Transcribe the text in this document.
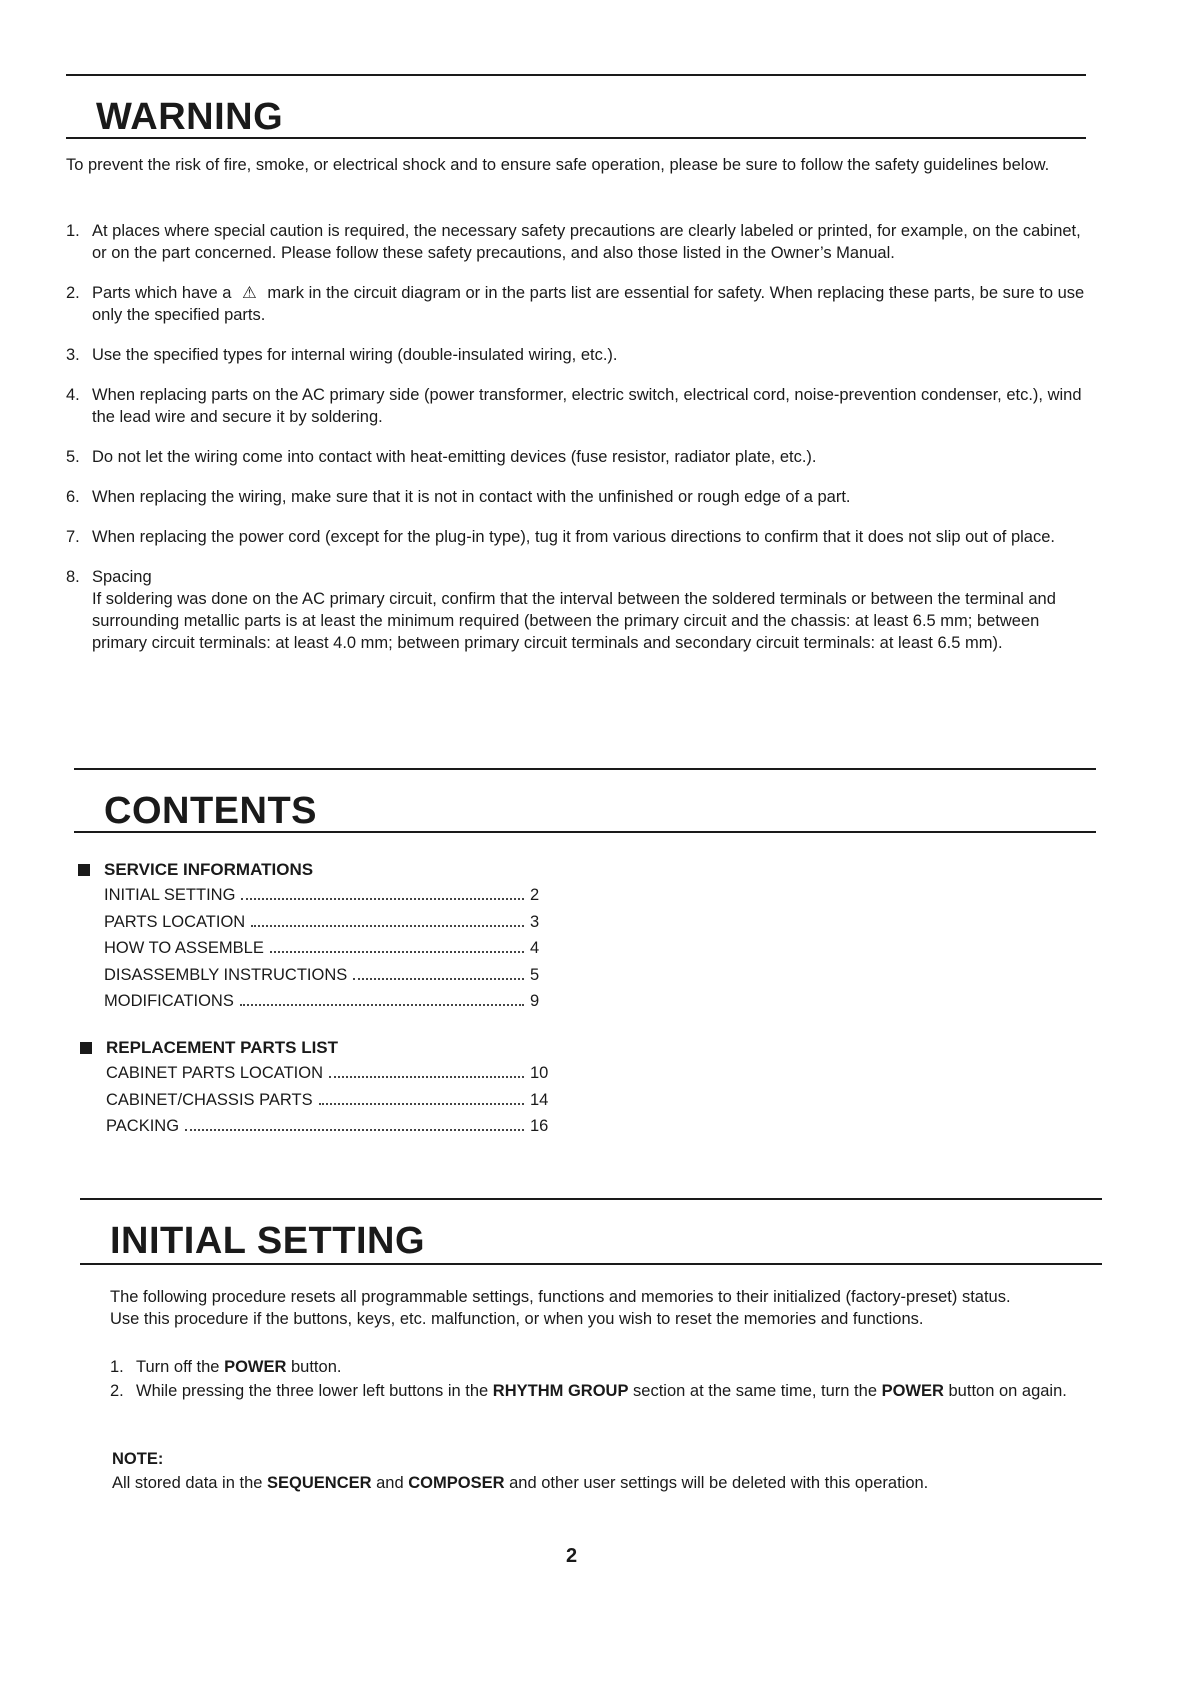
WARNING

To prevent the risk of fire, smoke, or electrical shock and to ensure safe operation, please be sure to follow the safety guidelines below.

1. At places where special caution is required, the necessary safety precautions are clearly labeled or printed, for example, on the cabinet, or on the part concerned. Please follow these safety precautions, and also those listed in the Owner’s Manual.
2. Parts which have a ⚠ mark in the circuit diagram or in the parts list are essential for safety. When replacing these parts, be sure to use only the specified parts.
3. Use the specified types for internal wiring (double-insulated wiring, etc.).
4. When replacing parts on the AC primary side (power transformer, electric switch, electrical cord, noise-prevention condenser, etc.), wind the lead wire and secure it by soldering.
5. Do not let the wiring come into contact with heat-emitting devices (fuse resistor, radiator plate, etc.).
6. When replacing the wiring, make sure that it is not in contact with the unfinished or rough edge of a part.
7. When replacing the power cord (except for the plug-in type), tug it from various directions to confirm that it does not slip out of place.
8. Spacing
If soldering was done on the AC primary circuit, confirm that the interval between the soldered terminals or between the terminal and surrounding metallic parts is at least the minimum required (between the primary circuit and the chassis: at least 6.5 mm; between primary circuit terminals: at least 4.0 mm; between primary circuit terminals and secondary circuit terminals: at least 6.5 mm).
CONTENTS
SERVICE INFORMATIONS
INITIAL SETTING	2
PARTS LOCATION	3
HOW TO ASSEMBLE	4
DISASSEMBLY INSTRUCTIONS	5
MODIFICATIONS	9
REPLACEMENT PARTS LIST
CABINET PARTS LOCATION	10
CABINET/CHASSIS PARTS	14
PACKING	16
INITIAL SETTING

The following procedure resets all programmable settings, functions and memories to their initialized (factory-preset) status.
Use this procedure if the buttons, keys, etc. malfunction, or when you wish to reset the memories and functions.

1. Turn off the POWER button.
2. While pressing the three lower left buttons in the RHYTHM GROUP section at the same time, turn the POWER button on again.

NOTE:

All stored data in the SEQUENCER and COMPOSER and other user settings will be deleted with this operation.

2
